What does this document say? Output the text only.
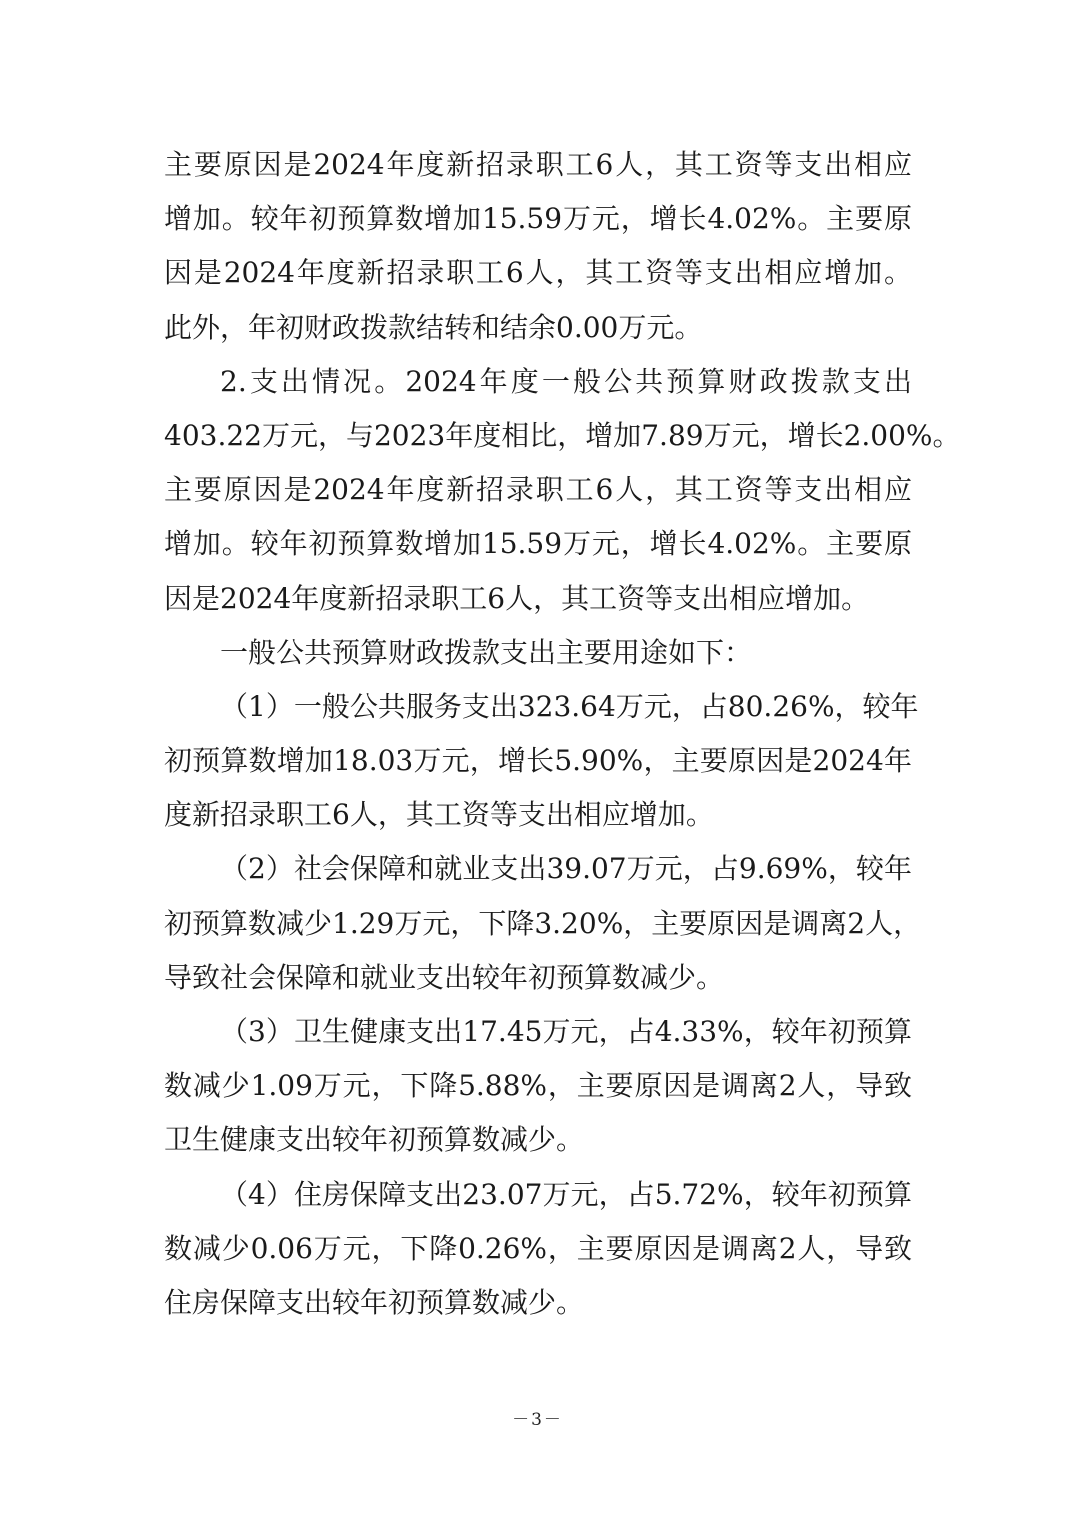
主要原因是2024年度新招录职工6人，其工资等支出相应
增加。较年初预算数增加15.59万元，增长4.02%。主要原
因是2024年度新招录职工6人，其工资等支出相应增加。
此外，年初财政拨款结转和结余0.00万元。
2.支出情况。2024年度一般公共预算财政拨款支出
403.22万元，与2023年度相比，增加7.89万元，增长2.00%。
主要原因是2024年度新招录职工6人，其工资等支出相应
增加。较年初预算数增加15.59万元，增长4.02%。主要原
因是2024年度新招录职工6人，其工资等支出相应增加。
一般公共预算财政拨款支出主要用途如下：
（1）一般公共服务支出323.64万元，占80.26%，较年
初预算数增加18.03万元，增长5.90%，主要原因是2024年
度新招录职工6人，其工资等支出相应增加。
（2）社会保障和就业支出39.07万元，占9.69%，较年
初预算数减少1.29万元，下降3.20%，主要原因是调离2人，
导致社会保障和就业支出较年初预算数减少。
（3）卫生健康支出17.45万元，占4.33%，较年初预算
数减少1.09万元，下降5.88%，主要原因是调离2人，导致
卫生健康支出较年初预算数减少。
（4）住房保障支出23.07万元，占5.72%，较年初预算
数减少0.06万元，下降0.26%，主要原因是调离2人，导致
住房保障支出较年初预算数减少。
－3－
